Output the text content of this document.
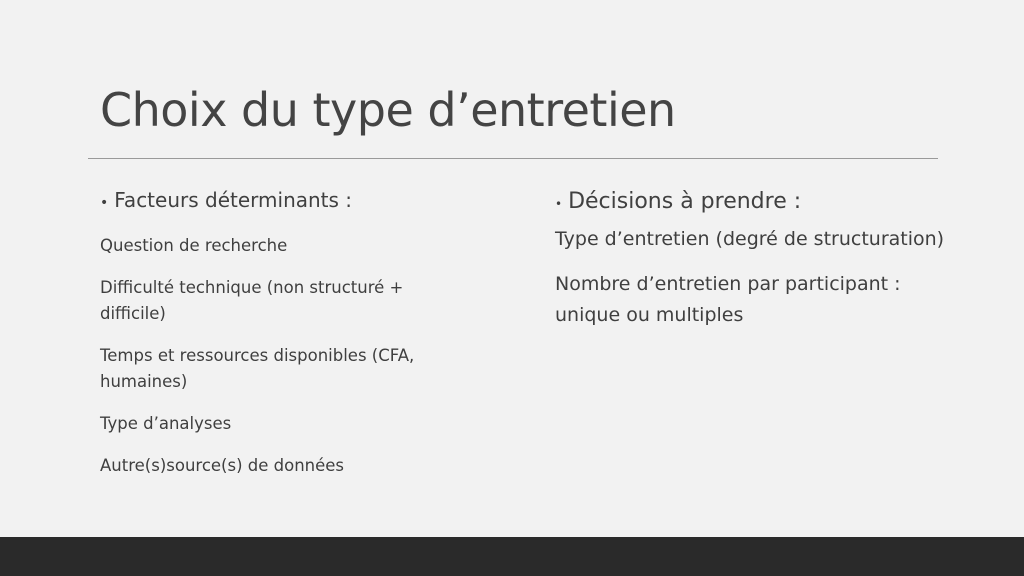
Choix du type d’entretien
• Facteurs déterminants :

Question de recherche

Difficulté technique (non structuré + difficile)

Temps et ressources disponibles (CFA, humaines)

Type d’analyses

Autre(s)source(s) de données

• Décisions à prendre :

Type d’entretien (degré de structuration)

Nombre d’entretien par participant : unique ou multiples
